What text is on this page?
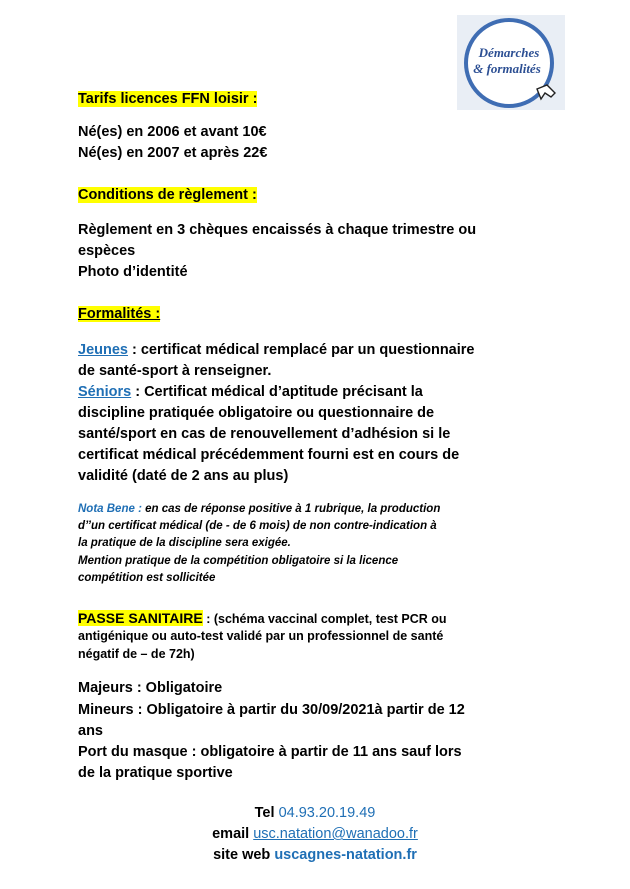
Démarches
& formalités
Tarifs licences FFN loisir :
Né(es) en 2006 et avant 10€
Né(es) en 2007 et après 22€
Conditions de règlement :
Règlement en 3 chèques encaissés à chaque trimestre ou
espèces
Photo d’identité
Formalités :
Jeunes : certificat médical remplacé par un questionnaire
de santé-sport à renseigner.
Séniors : Certificat médical d’aptitude précisant la
discipline pratiquée obligatoire ou questionnaire de
santé/sport en cas de renouvellement d’adhésion si le
certificat médical précédemment fourni est en cours de
validité (daté de 2 ans au plus)
Nota Bene : en cas de réponse positive à 1 rubrique, la production
d’’un certificat médical (de - de 6 mois) de non contre-indication à
la pratique de la discipline sera exigée.
Mention pratique de la compétition obligatoire si la licence
compétition est sollicitée
PASSE SANITAIRE : (schéma vaccinal complet, test PCR ou
antigénique ou auto-test validé par un professionnel de santé
négatif de – de 72h)
Majeurs : Obligatoire
Mineurs : Obligatoire à partir du 30/09/2021à partir de 12
ans
Port du masque : obligatoire à partir de 11 ans sauf lors
de la pratique sportive
Tel 04.93.20.19.49
email usc.natation@wanadoo.fr
site web uscagnes-natation.fr
